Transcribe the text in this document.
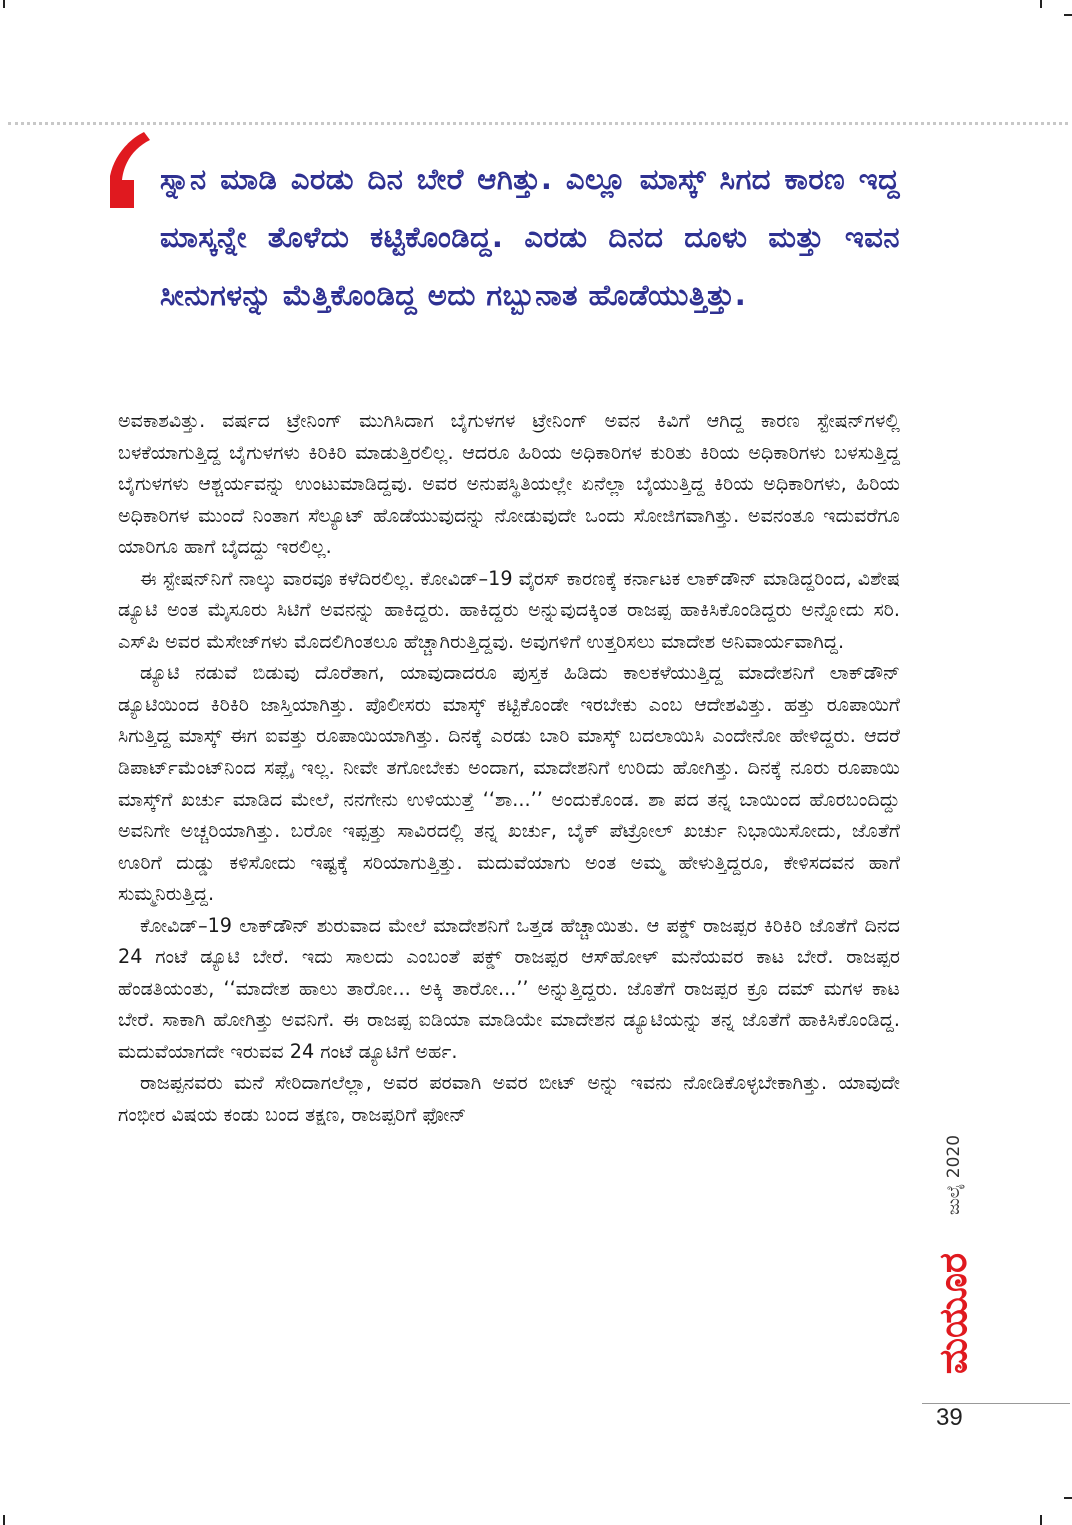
ಸ್ನಾನ ಮಾಡಿ ಎರಡು ದಿನ ಬೇರೆ ಆಗಿತ್ತು. ಎಲ್ಲೂ ಮಾಸ್ಕ್ ಸಿಗದ ಕಾರಣ ಇದ್ದ ಮಾಸ್ಕನ್ನೇ ತೊಳೆದು ಕಟ್ಟಿಕೊಂಡಿದ್ದ. ಎರಡು ದಿನದ ದೂಳು ಮತ್ತು ಇವನ ಸೀನುಗಳನ್ನು ಮೆತ್ತಿಕೊಂಡಿದ್ದ ಅದು ಗಬ್ಬುನಾತ ಹೊಡೆಯುತ್ತಿತ್ತು.

ಅವಕಾಶವಿತ್ತು. ವರ್ಷದ ಟ್ರೇನಿಂಗ್ ಮುಗಿಸಿದಾಗ ಬೈಗುಳಗಳ ಟ್ರೇನಿಂಗ್ ಅವನ ಕಿವಿಗೆ ಆಗಿದ್ದ ಕಾರಣ ಸ್ಟೇಷನ್‌ಗಳಲ್ಲಿ ಬಳಕೆಯಾಗುತ್ತಿದ್ದ ಬೈಗುಳಗಳು ಕಿರಿಕಿರಿ ಮಾಡುತ್ತಿರಲಿಲ್ಲ. ಆದರೂ ಹಿರಿಯ ಅಧಿಕಾರಿಗಳ ಕುರಿತು ಕಿರಿಯ ಅಧಿಕಾರಿಗಳು ಬಳಸುತ್ತಿದ್ದ ಬೈಗುಳಗಳು ಆಶ್ಚರ್ಯವನ್ನು ಉಂಟುಮಾಡಿದ್ದವು. ಅವರ ಅನುಪಸ್ಥಿತಿಯಲ್ಲೇ ಏನೆಲ್ಲಾ ಬೈಯುತ್ತಿದ್ದ ಕಿರಿಯ ಅಧಿಕಾರಿಗಳು, ಹಿರಿಯ ಅಧಿಕಾರಿಗಳ ಮುಂದೆ ನಿಂತಾಗ ಸೆಲ್ಯೂಟ್ ಹೊಡೆಯುವುದನ್ನು ನೋಡುವುದೇ ಒಂದು ಸೋಜಿಗವಾಗಿತ್ತು. ಅವನಂತೂ ಇದುವರೆಗೂ ಯಾರಿಗೂ ಹಾಗೆ ಬೈದದ್ದು ಇರಲಿಲ್ಲ.

ಈ ಸ್ಟೇಷನ್‌ನಿಗೆ ನಾಲ್ಕು ವಾರವೂ ಕಳೆದಿರಲಿಲ್ಲ. ಕೋವಿಡ್–19 ವೈರಸ್ ಕಾರಣಕ್ಕೆ ಕರ್ನಾಟಕ ಲಾಕ್‌ಡೌನ್ ಮಾಡಿದ್ದರಿಂದ, ವಿಶೇಷ ಡ್ಯೂಟಿ ಅಂತ ಮೈಸೂರು ಸಿಟಿಗೆ ಅವನನ್ನು ಹಾಕಿದ್ದರು. ಹಾಕಿದ್ದರು ಅನ್ನುವುದಕ್ಕಿಂತ ರಾಜಪ್ಪ ಹಾಕಿಸಿಕೊಂಡಿದ್ದರು ಅನ್ನೋದು ಸರಿ. ಎಸ್‌ಪಿ ಅವರ ಮೆಸೇಜ್‌ಗಳು ಮೊದಲಿಗಿಂತಲೂ ಹೆಚ್ಚಾಗಿರುತ್ತಿದ್ದವು. ಅವುಗಳಿಗೆ ಉತ್ತರಿಸಲು ಮಾದೇಶ ಅನಿವಾರ್ಯವಾಗಿದ್ದ.

ಡ್ಯೂಟಿ ನಡುವೆ ಬಿಡುವು ದೊರೆತಾಗ, ಯಾವುದಾದರೂ ಪುಸ್ತಕ ಹಿಡಿದು ಕಾಲಕಳೆಯುತ್ತಿದ್ದ ಮಾದೇಶನಿಗೆ ಲಾಕ್‌ಡೌನ್ ಡ್ಯೂಟಿಯಿಂದ ಕಿರಿಕಿರಿ ಜಾಸ್ತಿಯಾಗಿತ್ತು. ಪೊಲೀಸರು ಮಾಸ್ಕ್ ಕಟ್ಟಿಕೊಂಡೇ ಇರಬೇಕು ಎಂಬ ಆದೇಶವಿತ್ತು. ಹತ್ತು ರೂಪಾಯಿಗೆ ಸಿಗುತ್ತಿದ್ದ ಮಾಸ್ಕ್ ಈಗ ಐವತ್ತು ರೂಪಾಯಿಯಾಗಿತ್ತು. ದಿನಕ್ಕೆ ಎರಡು ಬಾರಿ ಮಾಸ್ಕ್ ಬದಲಾಯಿಸಿ ಎಂದೇನೋ ಹೇಳಿದ್ದರು. ಆದರೆ ಡಿಪಾರ್ಟ್‌ಮೆಂಟ್‌ನಿಂದ ಸಪ್ಲೈ ಇಲ್ಲ. ನೀವೇ ತಗೋಬೇಕು ಅಂದಾಗ, ಮಾದೇಶನಿಗೆ ಉರಿದು ಹೋಗಿತ್ತು. ದಿನಕ್ಕೆ ನೂರು ರೂಪಾಯಿ ಮಾಸ್ಕ್‌ಗೆ ಖರ್ಚು ಮಾಡಿದ ಮೇಲೆ, ನನಗೇನು ಉಳಿಯುತ್ತೆ ‘‘ಶಾ...’’ ಅಂದುಕೊಂಡ. ಶಾ ಪದ ತನ್ನ ಬಾಯಿಂದ ಹೊರಬಂದಿದ್ದು ಅವನಿಗೇ ಅಚ್ಚರಿಯಾಗಿತ್ತು. ಬರೋ ಇಪ್ಪತ್ತು ಸಾವಿರದಲ್ಲಿ ತನ್ನ ಖರ್ಚು, ಬೈಕ್ ಪೆಟ್ರೋಲ್ ಖರ್ಚು ನಿಭಾಯಿಸೋದು, ಜೊತೆಗೆ ಊರಿಗೆ ದುಡ್ಡು ಕಳಿಸೋದು ಇಷ್ಟಕ್ಕೆ ಸರಿಯಾಗುತ್ತಿತ್ತು. ಮದುವೆಯಾಗು ಅಂತ ಅಮ್ಮ ಹೇಳುತ್ತಿದ್ದರೂ, ಕೇಳಿಸದವನ ಹಾಗೆ ಸುಮ್ಮನಿರುತ್ತಿದ್ದ.

ಕೋವಿಡ್–19 ಲಾಕ್‌ಡೌನ್ ಶುರುವಾದ ಮೇಲೆ ಮಾದೇಶನಿಗೆ ಒತ್ತಡ ಹೆಚ್ಚಾಯಿತು. ಆ ಪಕ್ಡ್ ರಾಜಪ್ಪರ ಕಿರಿಕಿರಿ ಜೊತೆಗೆ ದಿನದ 24 ಗಂಟೆ ಡ್ಯೂಟಿ ಬೇರೆ. ಇದು ಸಾಲದು ಎಂಬಂತೆ ಪಕ್ಡ್ ರಾಜಪ್ಪರ ಆಸ್‌ಹೋಳ್ ಮನೆಯವರ ಕಾಟ ಬೇರೆ. ರಾಜಪ್ಪರ ಹೆಂಡತಿಯಂತು, ‘‘ಮಾದೇಶ ಹಾಲು ತಾರೋ... ಅಕ್ಕಿ ತಾರೋ...’’ ಅನ್ನುತ್ತಿದ್ದರು. ಜೊತೆಗೆ ರಾಜಪ್ಪರ ಕ್ರೂ ದಮ್ ಮಗಳ ಕಾಟ ಬೇರೆ. ಸಾಕಾಗಿ ಹೋಗಿತ್ತು ಅವನಿಗೆ. ಈ ರಾಜಪ್ಪ ಐಡಿಯಾ ಮಾಡಿಯೇ ಮಾದೇಶನ ಡ್ಯೂಟಿಯನ್ನು ತನ್ನ ಜೊತೆಗೆ ಹಾಕಿಸಿಕೊಂಡಿದ್ದ. ಮದುವೆಯಾಗದೇ ಇರುವವ 24 ಗಂಟೆ ಡ್ಯೂಟಿಗೆ ಅರ್ಹ.

ರಾಜಪ್ಪನವರು ಮನೆ ಸೇರಿದಾಗಲೆಲ್ಲಾ, ಅವರ ಪರವಾಗಿ ಅವರ ಬೀಟ್ ಅನ್ನು ಇವನು ನೋಡಿಕೊಳ್ಳಬೇಕಾಗಿತ್ತು. ಯಾವುದೇ ಗಂಭೀರ ವಿಷಯ ಕಂಡು ಬಂದ ತಕ್ಷಣ, ರಾಜಪ್ಪರಿಗೆ ಫೋನ್

ಜುಲೈ 2020
ಮಯೂರ
39
